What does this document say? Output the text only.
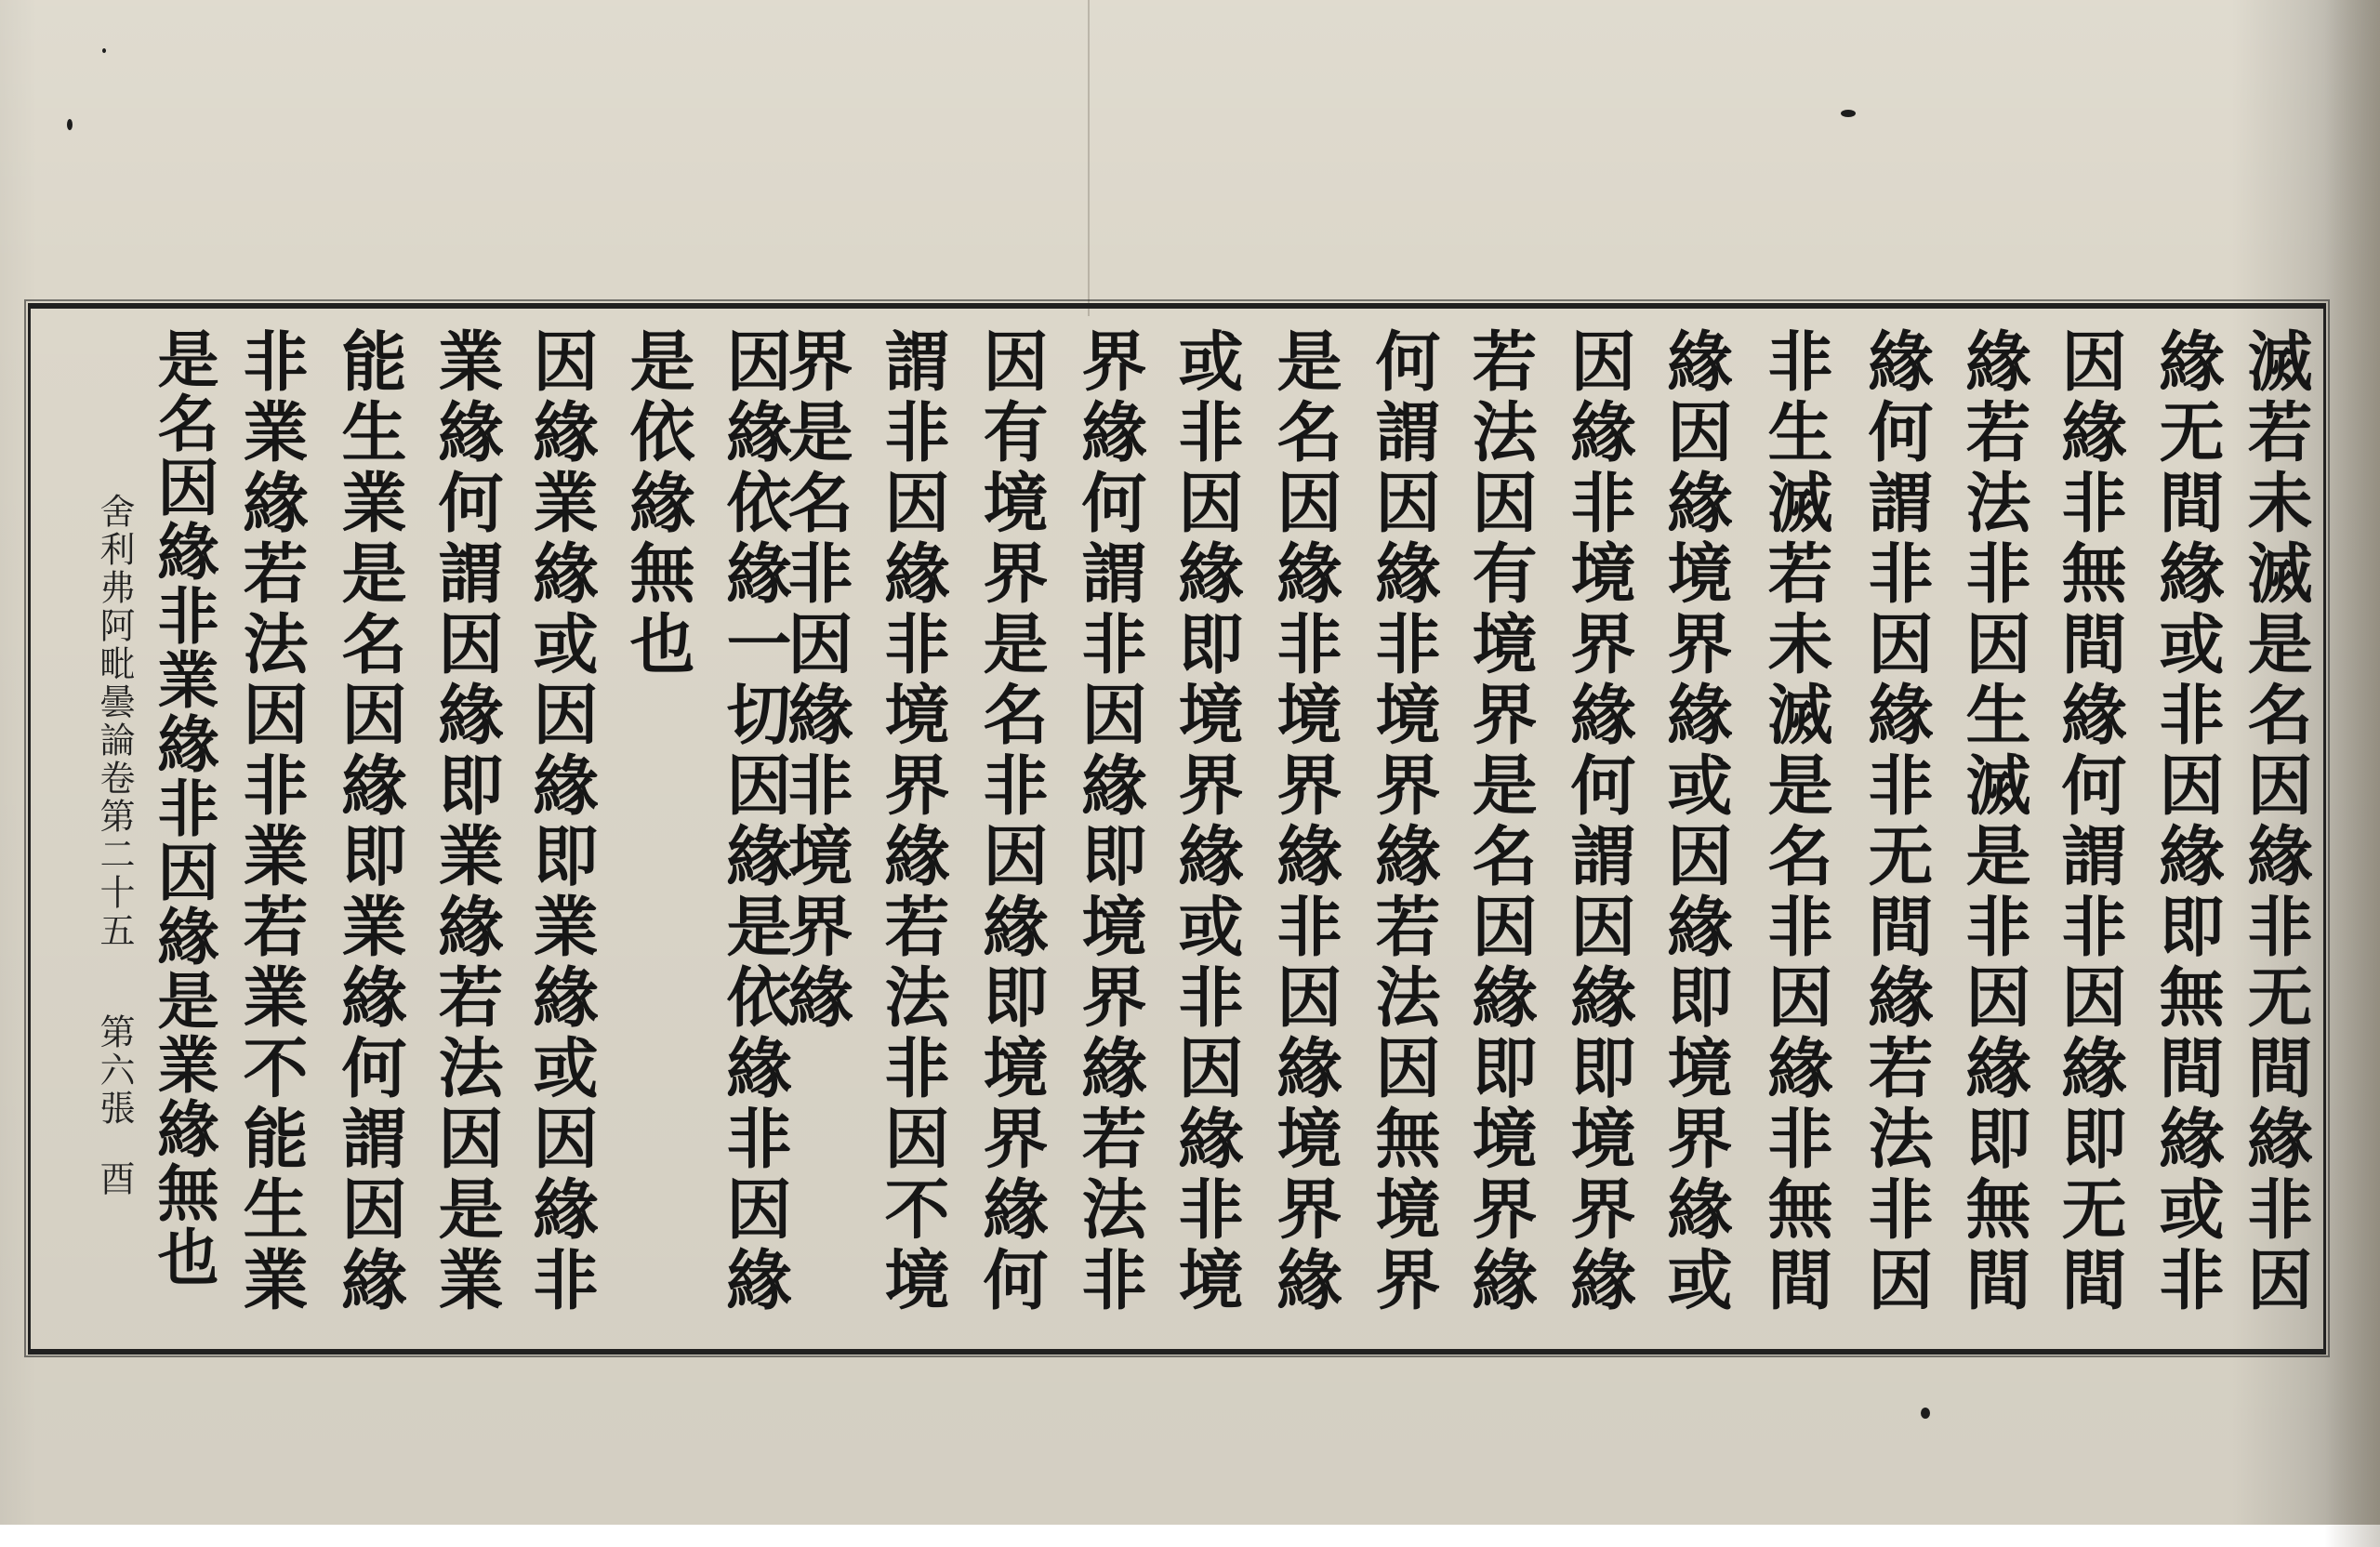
滅若未滅是名因緣非无間緣非因
緣无間緣或非因緣即無間緣或非
因緣非無間緣何謂非因緣即无間
緣若法非因生滅是非因緣即無間
緣何謂非因緣非无間緣若法非因
非生滅若未滅是名非因緣非無間
緣因緣境界緣或因緣即境界緣或
因緣非境界緣何謂因緣即境界緣
若法因有境界是名因緣即境界緣
何謂因緣非境界緣若法因無境界
是名因緣非境界緣非因緣境界緣
或非因緣即境界緣或非因緣非境
界緣何謂非因緣即境界緣若法非
因有境界是名非因緣即境界緣何
謂非因緣非境界緣若法非因不境
界是名非因緣非境界緣
因緣依緣一切因緣是依緣非因緣
是依緣無也
因緣業緣或因緣即業緣或因緣非
業緣何謂因緣即業緣若法因是業
能生業是名因緣即業緣何謂因緣
非業緣若法因非業若業不能生業
是名因緣非業緣非因緣是業緣無也
舍利弗阿毗曇論卷第二十五
第六張
酉
